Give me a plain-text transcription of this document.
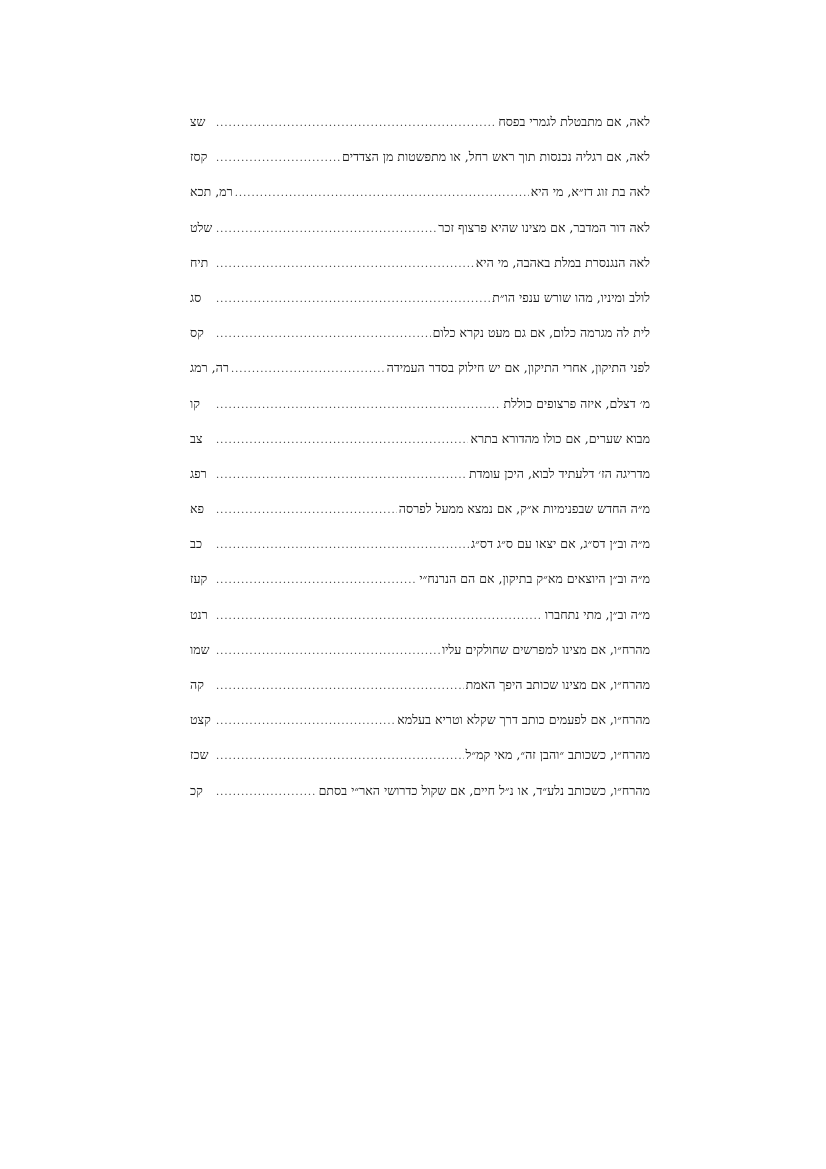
לאה, אם מתבטלת לגמרי בפסח
.....
שצ
לאה, אם רגליה נכנסות תוך ראש רחל, או מתפשטות מן הצדדים
.....
קסז
לאה בת זוג דז״א, מי היא
.....
רמ, תכא
לאה דור המדבר, אם מצינו שהיא פרצוף זכר
.....
שלט
לאה הנגנסרת במלת באהבה, מי היא
.....
תיח
לולב ומיניו, מהו שורש ענפי הו״ת
.....
סג
לית לה מגרמה כלום, אם גם מעט נקרא כלום
.....
קס
לפני התיקון, אחרי התיקון, אם יש חילוק בסדר העמידה
.....
רה, רמג
מ׳ דצלם, איזה פרצופים כוללת
.....
קו
מבוא שערים, אם כולו מהדורא בתרא
.....
צב
מדריגה הז׳ דלעתיד לבוא, היכן עומדת
.....
רפג
מ״ה החדש שבפנימיות א״ק, אם נמצא ממעל לפרסה
.....
פא
מ״ה וב״ן דס״ג, אם יצאו עם ס״ג דס״ג
.....
כב
מ״ה וב״ן היוצאים מא״ק בתיקון, אם הם הנרנח״י
.....
קעז
מ״ה וב״ן, מתי נתחברו
.....
רנט
מהרח״ו, אם מצינו למפרשים שחולקים עליו
.....
שמו
מהרח״ו, אם מצינו שכותב היפך האמת
.....
קה
מהרח״ו, אם לפעמים כותב דרך שקלא וטריא בעלמא
.....
קצט
מהרח״ו, כשכותב ״והבן זה״, מאי קמ״ל
.....
שכז
מהרח״ו, כשכותב נלע״ד, או נ״ל חיים, אם שקול כדרושי האר״י בסתם
.....
קכ
